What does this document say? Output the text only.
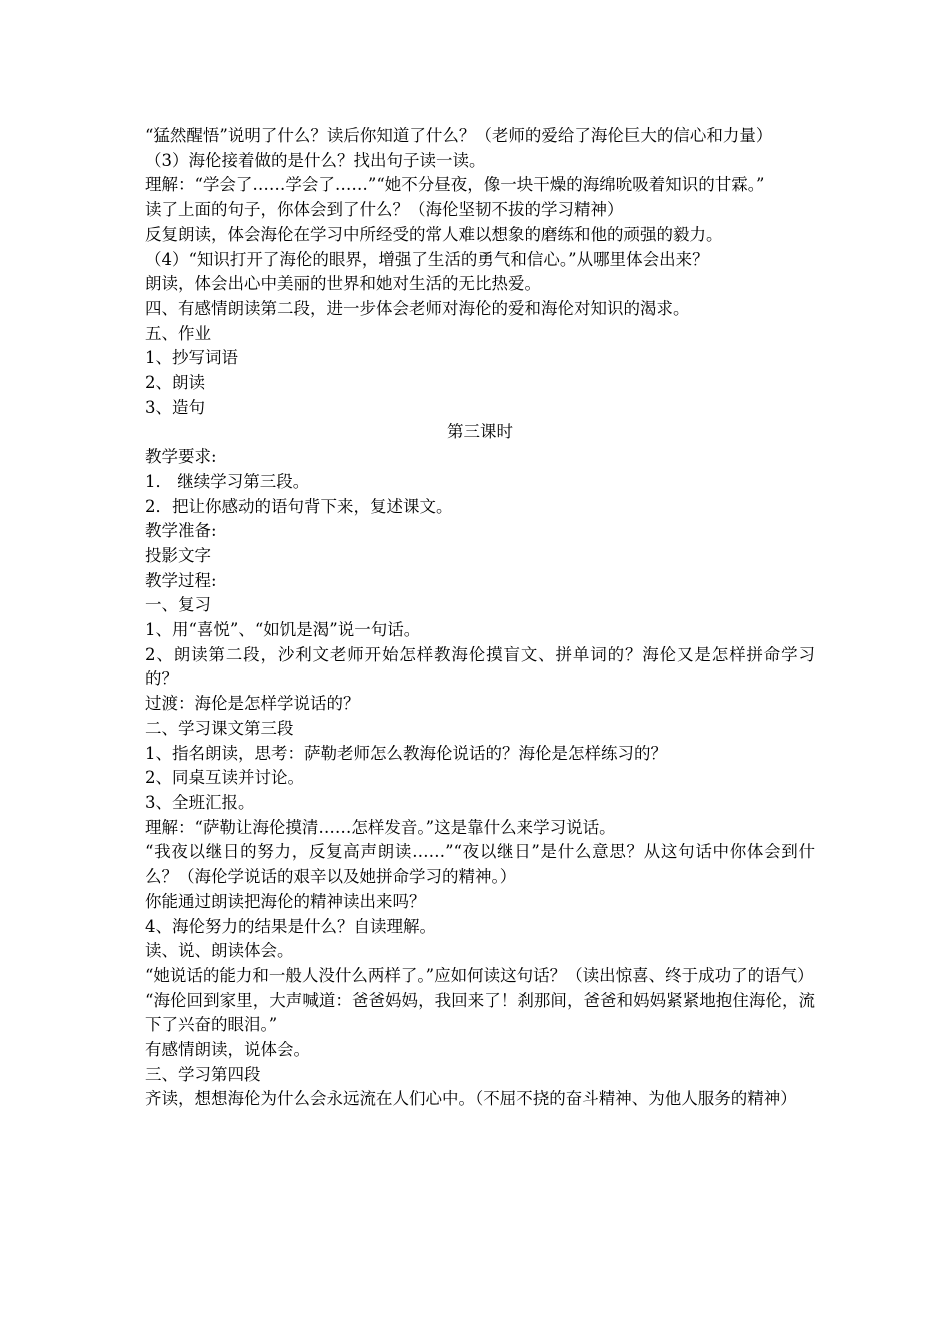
“猛然醒悟”说明了什么？读后你知道了什么？（老师的爱给了海伦巨大的信心和力量）

（3）海伦接着做的是什么？找出句子读一读。

理解：“学会了……学会了……”“她不分昼夜，像一块干燥的海绵吮吸着知识的甘霖。”

读了上面的句子，你体会到了什么？（海伦坚韧不拔的学习精神）

反复朗读，体会海伦在学习中所经受的常人难以想象的磨练和他的顽强的毅力。

（4）“知识打开了海伦的眼界，增强了生活的勇气和信心。”从哪里体会出来？

朗读，体会出心中美丽的世界和她对生活的无比热爱。

四、有感情朗读第二段，进一步体会老师对海伦的爱和海伦对知识的渴求。

五、作业

1、抄写词语

2、朗读

3、造句

第三课时

教学要求:

1． 继续学习第三段。

2．把让你感动的语句背下来，复述课文。

教学准备:

投影文字

教学过程:

一、复习

1、用“喜悦”、“如饥是渴”说一句话。

2、朗读第二段，沙利文老师开始怎样教海伦摸盲文、拼单词的？海伦又是怎样拼命学习的？

过渡：海伦是怎样学说话的？

二、学习课文第三段

1、指名朗读，思考：萨勒老师怎么教海伦说话的？海伦是怎样练习的？

2、同桌互读并讨论。

3、全班汇报。

理解：“萨勒让海伦摸清……怎样发音。”这是靠什么来学习说话。

“我夜以继日的努力，反复高声朗读……”“夜以继日”是什么意思？从这句话中你体会到什么？（海伦学说话的艰辛以及她拼命学习的精神。）

你能通过朗读把海伦的精神读出来吗？

4、海伦努力的结果是什么？自读理解。

读、说、朗读体会。

“她说话的能力和一般人没什么两样了。”应如何读这句话？（读出惊喜、终于成功了的语气）

“海伦回到家里，大声喊道：爸爸妈妈，我回来了！刹那间，爸爸和妈妈紧紧地抱住海伦，流下了兴奋的眼泪。”

有感情朗读，说体会。

三、学习第四段

齐读，想想海伦为什么会永远流在人们心中。（不屈不挠的奋斗精神、为他人服务的精神）
